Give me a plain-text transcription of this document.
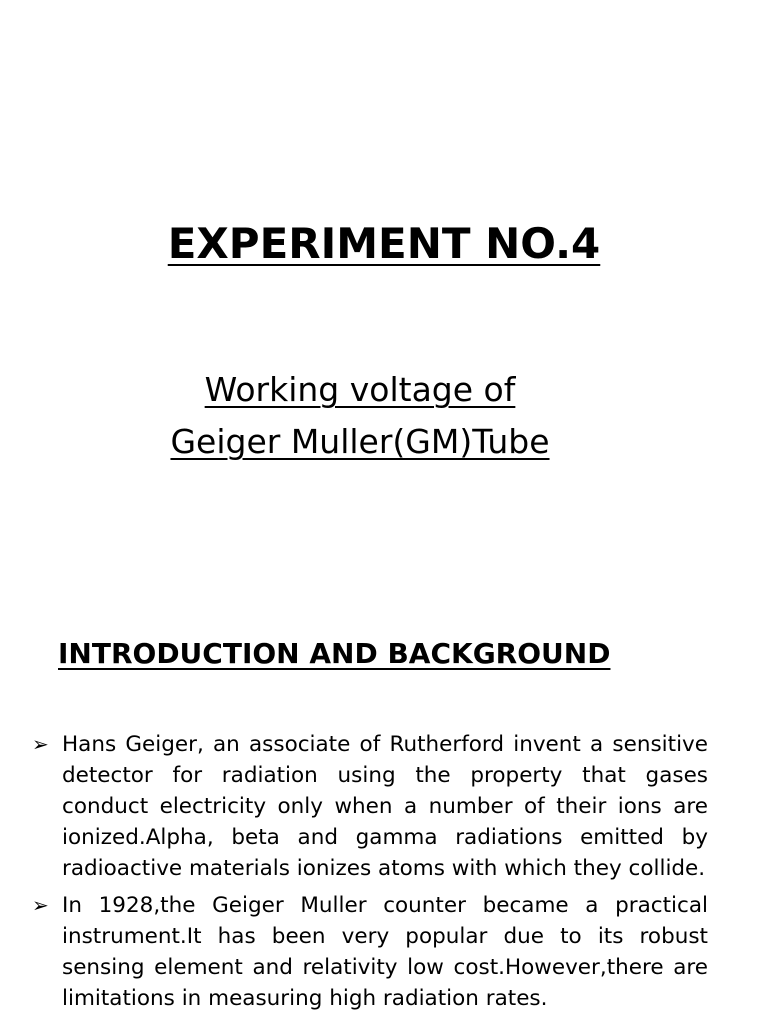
EXPERIMENT NO.4
Working voltage of
Geiger Muller(GM)Tube
INTRODUCTION AND BACKGROUND
➢ Hans Geiger, an associate of Rutherford invent a sensitive detector for radiation using the property that gases conduct electricity only when a number of their ions are ionized.Alpha, beta and gamma radiations emitted by radioactive materials ionizes atoms with which they collide.
➢ In 1928,the Geiger Muller counter became a practical instrument.It has been very popular due to its robust sensing element and relativity low cost.However,there are limitations in measuring high radiation rates.
